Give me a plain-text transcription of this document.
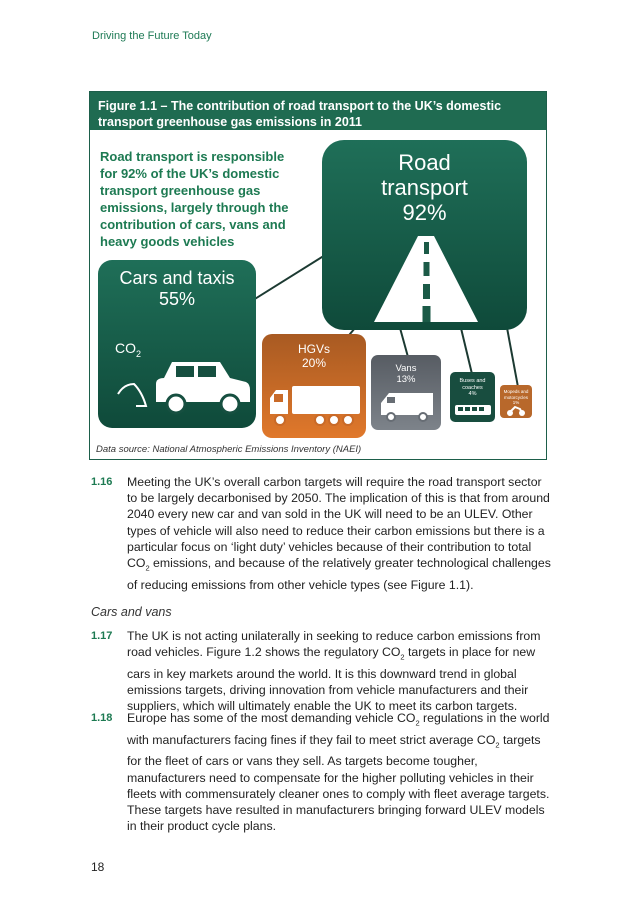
Driving the Future Today
Figure 1.1 – The contribution of road transport to the UK’s domestic transport greenhouse gas emissions in 2011
Road transport is responsible for 92% of the UK’s domestic transport greenhouse gas emissions, largely through the contribution of cars, vans and heavy goods vehicles
Road transport
92%
Cars and taxis
55%
$CO_2$	HGVs
20%	Vans
13%	Buses and coaches
4%	Mopeds and motorcycles
1%
Data source: National Atmospheric Emissions Inventory (NAEI)
1.16 Meeting the UK’s overall carbon targets will require the road transport sector to be largely decarbonised by 2050. The implication of this is that from around 2040 every new car and van sold in the UK will need to be an ULEV. Other types of vehicle will also need to reduce their carbon emissions but there is a particular focus on ‘light duty’ vehicles because of their contribution to total $CO_2$ emissions, and because of the relatively greater technological challenges of reducing emissions from other vehicle types (see Figure 1.1).
Cars and vans
1.17 The UK is not acting unilaterally in seeking to reduce carbon emissions from road vehicles. Figure 1.2 shows the regulatory $CO_2$ targets in place for new cars in key markets around the world. It is this downward trend in global emissions targets, driving innovation from vehicle manufacturers and their suppliers, which will ultimately enable the UK to meet its carbon targets.
1.18 Europe has some of the most demanding vehicle $CO_2$ regulations in the world with manufacturers facing fines if they fail to meet strict average $CO_2$ targets for the fleet of cars or vans they sell. As targets become tougher, manufacturers need to compensate for the higher polluting vehicles in their fleets with commensurately cleaner ones to comply with fleet average targets. These targets have resulted in manufacturers bringing forward ULEV models in their product cycle plans.
18
